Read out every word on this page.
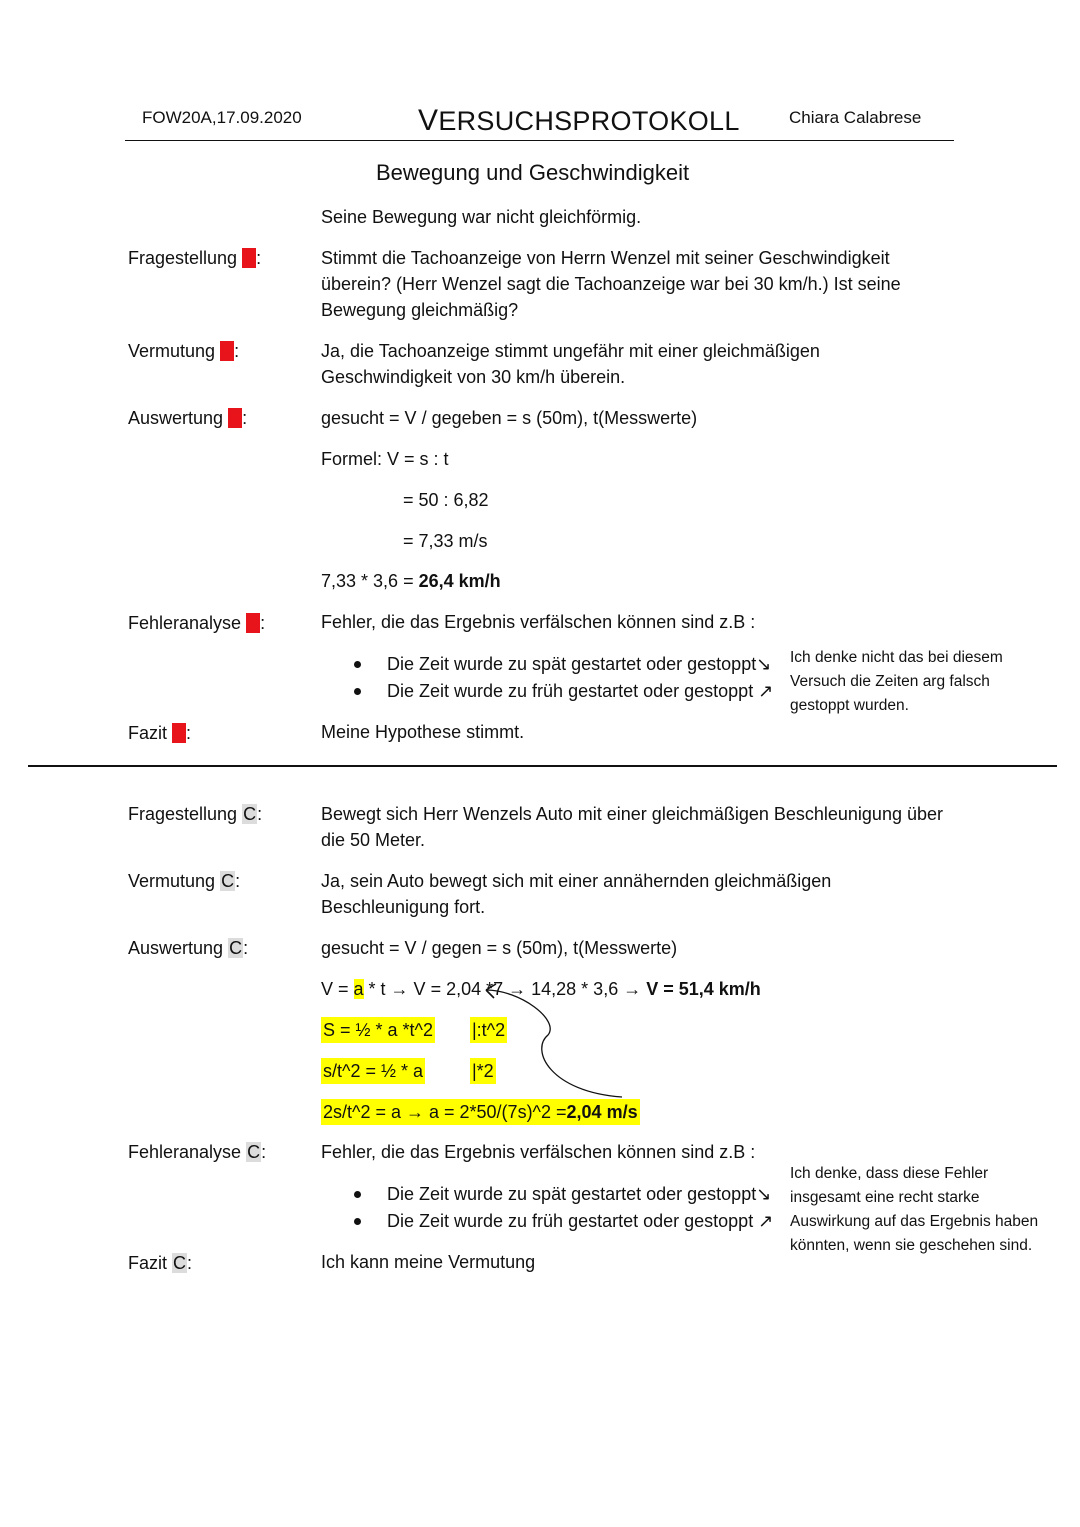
FOW20A,17.09.2020	VERSUCHSPROTOKOLL	Chiara Calabrese
Bewegung und Geschwindigkeit
Seine Bewegung war nicht gleichförmig.
Fragestellung B:	Stimmt die Tachoanzeige von Herrn Wenzel mit seiner Geschwindigkeit
überein? (Herr Wenzel sagt die Tachoanzeige war bei 30 km/h.) Ist seine
Bewegung gleichmäßig?
Vermutung B:	Ja, die Tachoanzeige stimmt ungefähr mit einer gleichmäßigen
Geschwindigkeit von 30 km/h überein.
Auswertung B:	gesucht = V / gegeben = s (50m), t(Messwerte)
Formel: V = s : t
= 50 : 6,82
= 7,33 m/s
7,33 * 3,6 = 26,4 km/h
Fehleranalyse B:	Fehler, die das Ergebnis verfälschen können sind z.B :
Die Zeit wurde zu spät gestartet oder gestoppt↘
Die Zeit wurde zu früh gestartet oder gestoppt ↗
Ich denke nicht das bei diesem
Versuch die Zeiten arg falsch
gestoppt wurden.
Fazit B:	Meine Hypothese stimmt.
Fragestellung C:	Bewegt sich Herr Wenzels Auto mit einer gleichmäßigen Beschleunigung über
die 50 Meter.
Vermutung C:	Ja, sein Auto bewegt sich mit einer annähernden gleichmäßigen
Beschleunigung fort.
Auswertung C:	gesucht = V / gegen = s (50m), t(Messwerte)
V = a * t → V = 2,04 *7 → 14,28 * 3,6 → V = 51,4 km/h
S = ½ * a *t^2 |:t^2
s/t^2 = ½ * a	|*2
2s/t^2 = a → a = 2*50/(7s)^2 =2,04 m/s
Fehleranalyse C:	Fehler, die das Ergebnis verfälschen können sind z.B :
Die Zeit wurde zu spät gestartet oder gestoppt↘
Die Zeit wurde zu früh gestartet oder gestoppt ↗
Ich denke, dass diese Fehler
insgesamt eine recht starke
Auswirkung auf das Ergebnis haben
könnten, wenn sie geschehen sind.
Fazit C:	Ich kann meine Vermutung
